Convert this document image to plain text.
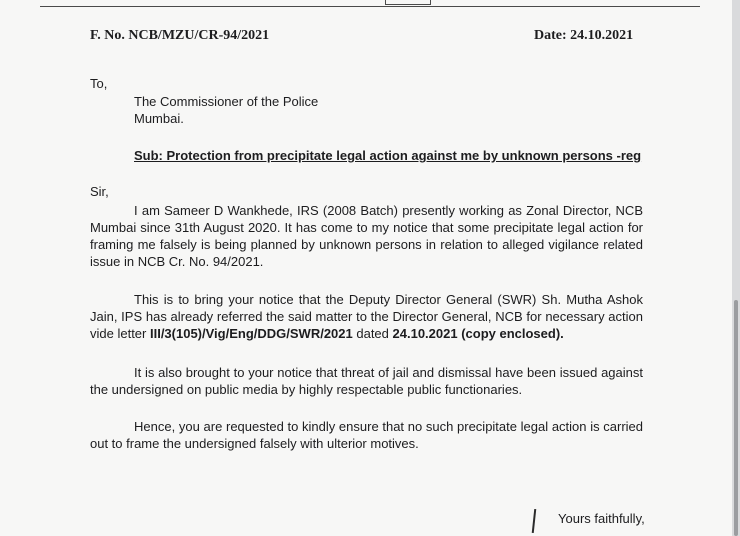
F. No. NCB/MZU/CR-94/2021	Date: 24.10.2021
To,
The Commissioner of the Police
Mumbai.
Sub: Protection from precipitate legal action against me by unknown persons -reg
Sir,
I am Sameer D Wankhede, IRS (2008 Batch) presently working as Zonal Director, NCB Mumbai since 31th August 2020. It has come to my notice that some precipitate legal action for framing me falsely is being planned by unknown persons in relation to alleged vigilance related issue in NCB Cr. No. 94/2021.
This is to bring your notice that the Deputy Director General (SWR) Sh. Mutha Ashok Jain, IPS has already referred the said matter to the Director General, NCB for necessary action vide letter III/3(105)/Vig/Eng/DDG/SWR/2021 dated 24.10.2021 (copy enclosed).
It is also brought to your notice that threat of jail and dismissal have been issued against the undersigned on public media by highly respectable public functionaries.
Hence, you are requested to kindly ensure that no such precipitate legal action is carried out to frame the undersigned falsely with ulterior motives.
Yours faithfully,
